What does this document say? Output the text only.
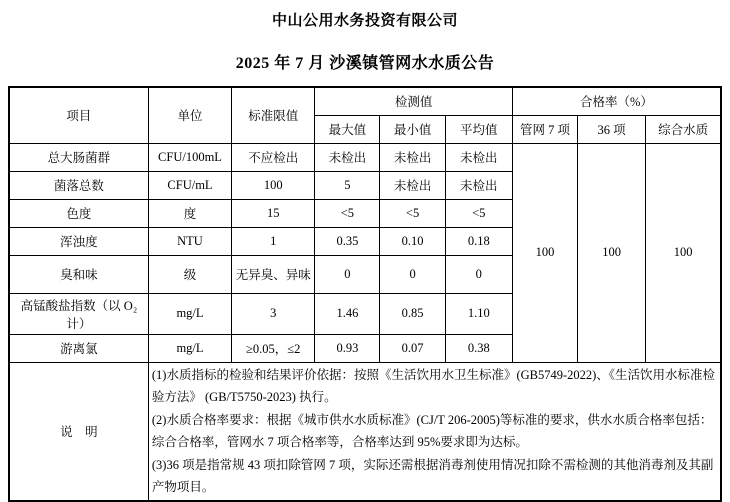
中山公用水务投资有限公司
2025 年 7 月 沙溪镇管网水水质公告
项目	单位	标准限值	检测值			合格率（%）		
			最大值	最小值	平均值	管网 7 项	36 项	综合水质
总大肠菌群	CFU/100mL	不应检出	未检出	未检出	未检出	100	100	100
菌落总数	CFU/mL	100	5	未检出	未检出			
色度	度	15	<5	<5	<5			
浑浊度	NTU	1	0.35	0.10	0.18			
臭和味	级	无异臭、异味	0	0	0			
高锰酸盐指数（以 O₂ 计）	mg/L	3	1.46	0.85	1.10			
游离氯	mg/L	≥0.05，≤2	0.93	0.07	0.38			
说　明	(1)水质指标的检验和结果评价依据：按照《生活饮用水卫生标准》(GB5749-2022)、《生活饮用水标准检验方法》 (GB/T5750-2023) 执行。
(2)水质合格率要求：根据《城市供水水质标准》(CJ/T 206-2005)等标准的要求，供水水质合格率包括：综合合格率，管网水 7 项合格率等，合格率达到 95%要求即为达标。
(3)36 项是指常规 43 项扣除管网 7 项，实际还需根据消毒剂使用情况扣除不需检测的其他消毒剂及其副产物项目。							
